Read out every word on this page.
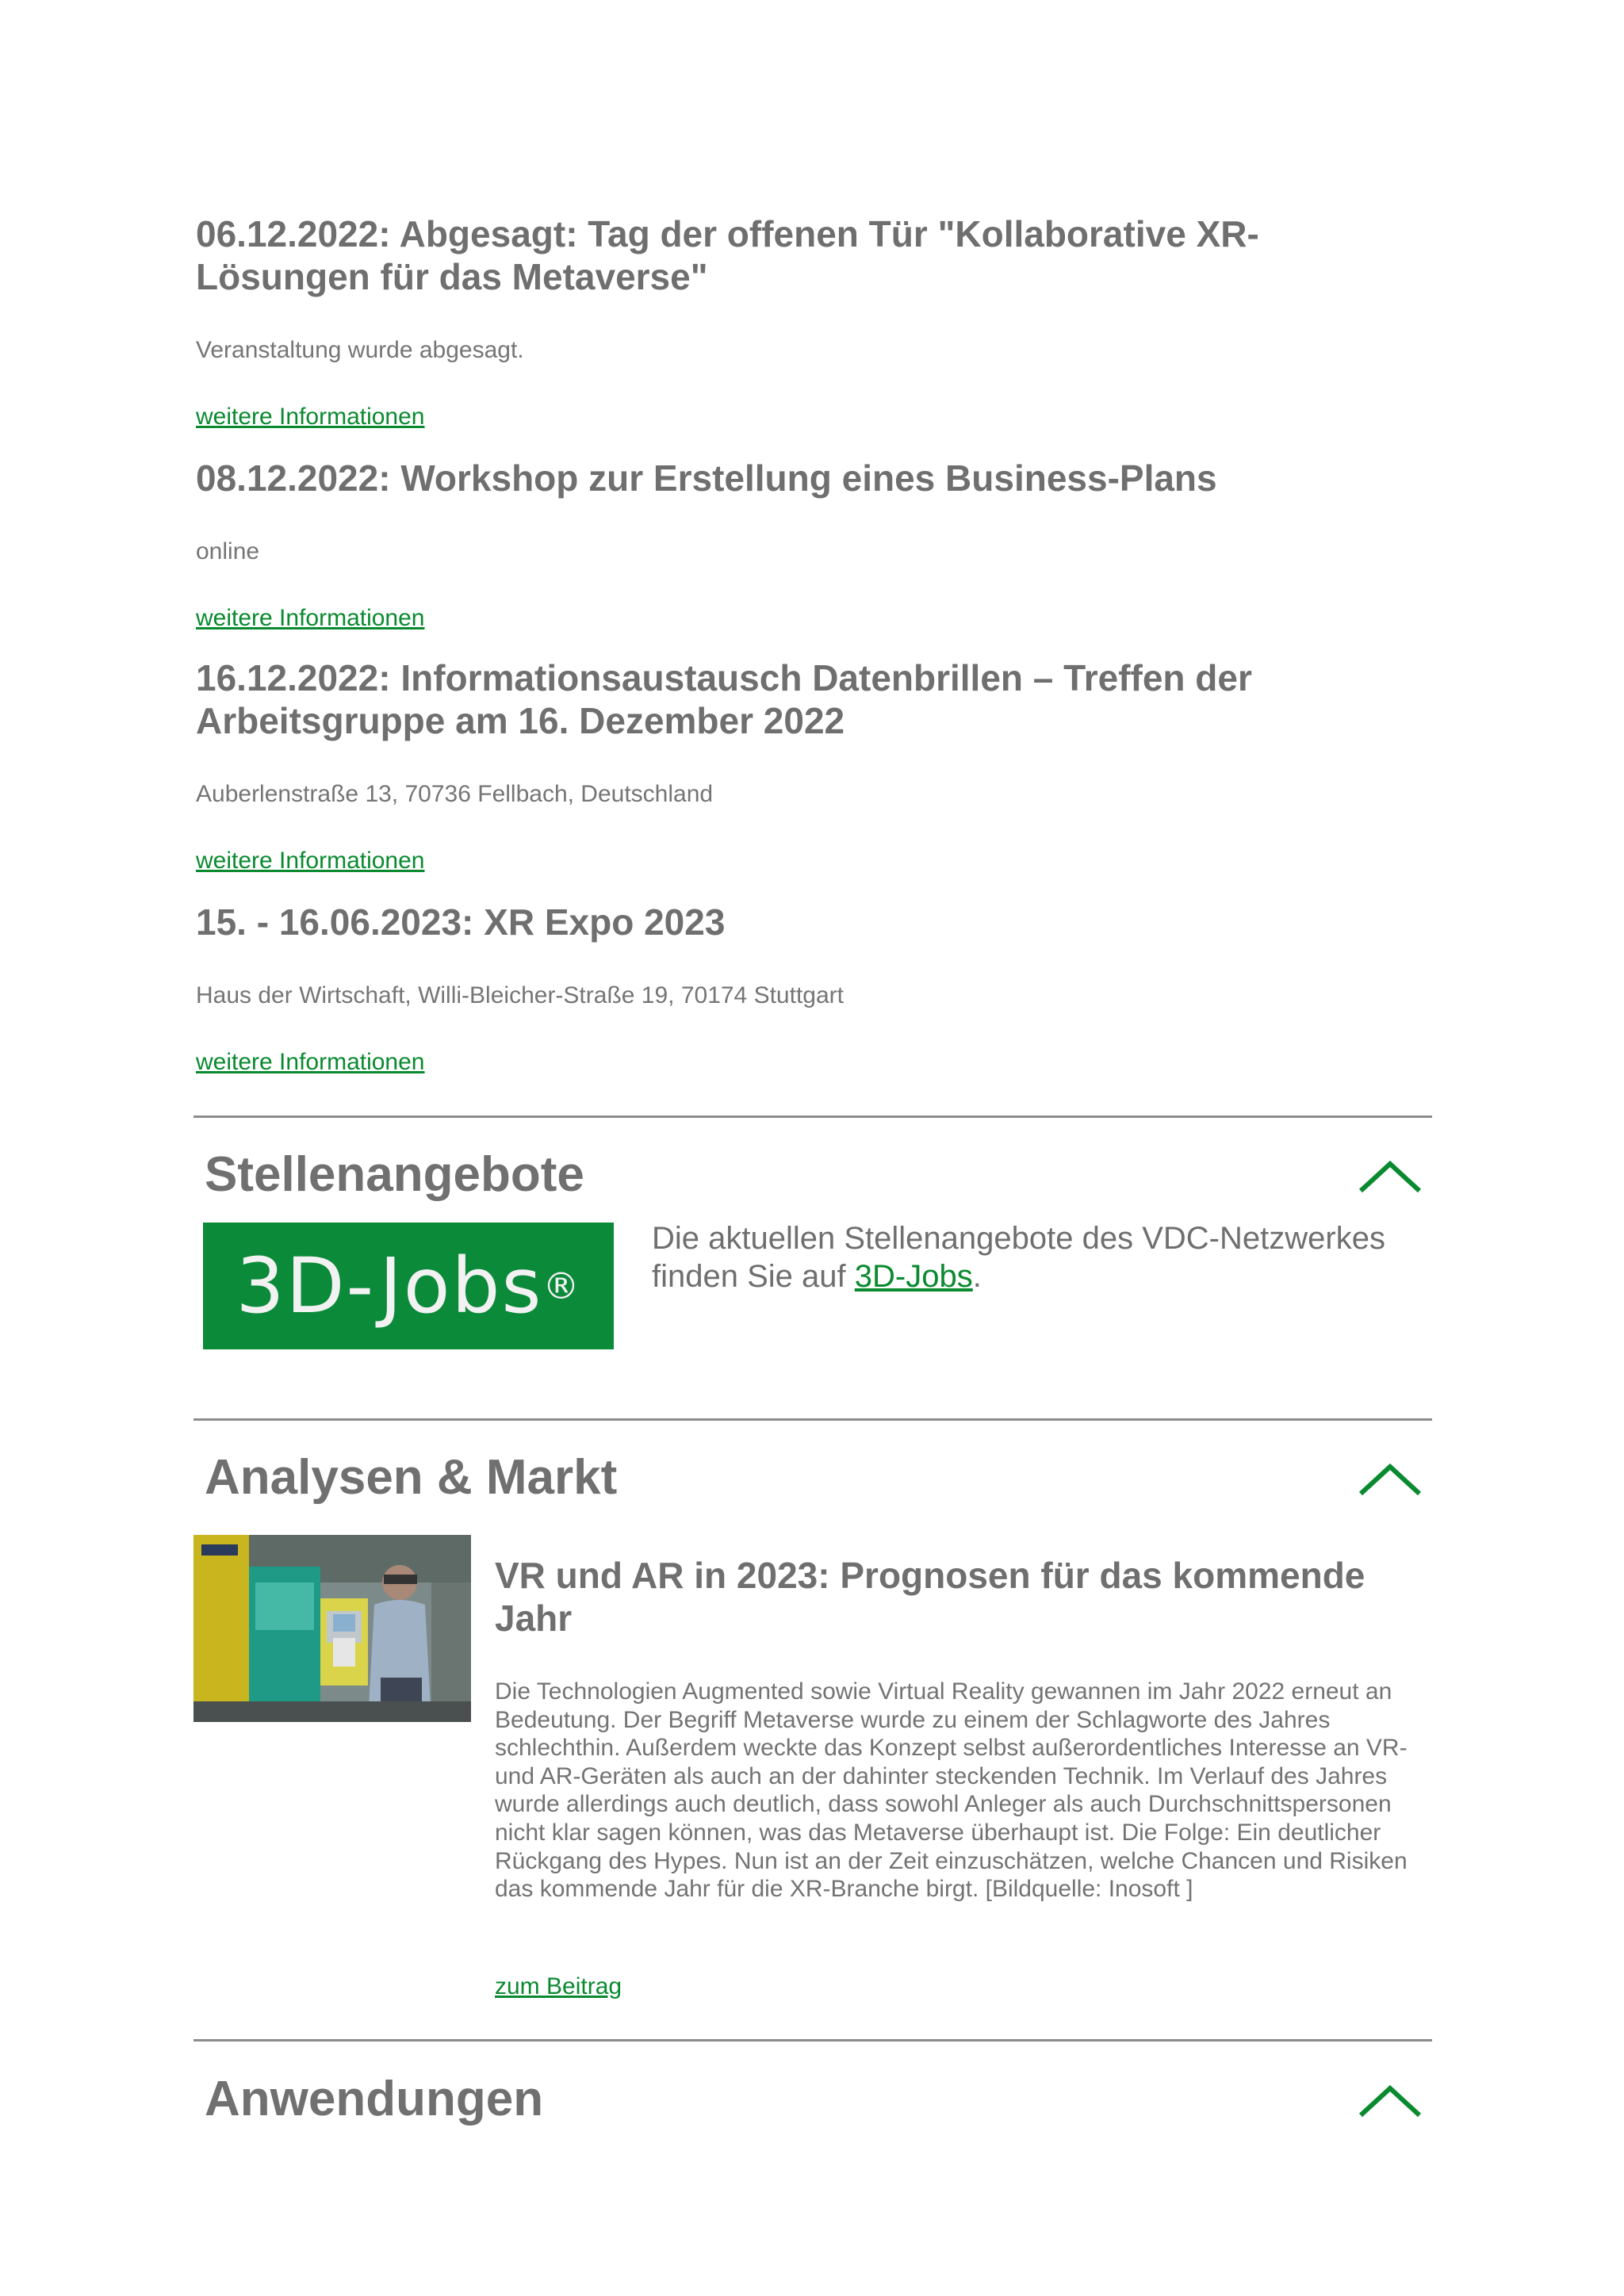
06.12.2022: Abgesagt: Tag der offenen Tür "Kollaborative XR-
Lösungen für das Metaverse"
Veranstaltung wurde abgesagt.
weitere Informationen
08.12.2022: Workshop zur Erstellung eines Business-Plans
online
weitere Informationen
16.12.2022: Informationsaustausch Datenbrillen – Treffen der
Arbeitsgruppe am 16. Dezember 2022
Auberlenstraße 13, 70736 Fellbach, Deutschland
weitere Informationen
15. - 16.06.2023: XR Expo 2023
Haus der Wirtschaft, Willi-Bleicher-Straße 19, 70174 Stuttgart
weitere Informationen
Stellenangebote
3D-Jobs ®
Die aktuellen Stellenangebote des VDC-Netzwerkes finden Sie auf 3D-Jobs.
Analysen & Markt
VR und AR in 2023: Prognosen für das kommende Jahr

Die Technologien Augmented sowie Virtual Reality gewannen im Jahr 2022 erneut an Bedeutung. Der Begriff Metaverse wurde zu einem der Schlagworte des Jahres schlechthin. Außerdem weckte das Konzept selbst außerordentliches Interesse an VR- und AR-Geräten als auch an der dahinter steckenden Technik. Im Verlauf des Jahres wurde allerdings auch deutlich, dass sowohl Anleger als auch Durchschnittspersonen nicht klar sagen können, was das Metaverse überhaupt ist. Die Folge: Ein deutlicher Rückgang des Hypes. Nun ist an der Zeit einzuschätzen, welche Chancen und Risiken das kommende Jahr für die XR-Branche birgt. [Bildquelle: Inosoft ]

zum Beitrag
Anwendungen
